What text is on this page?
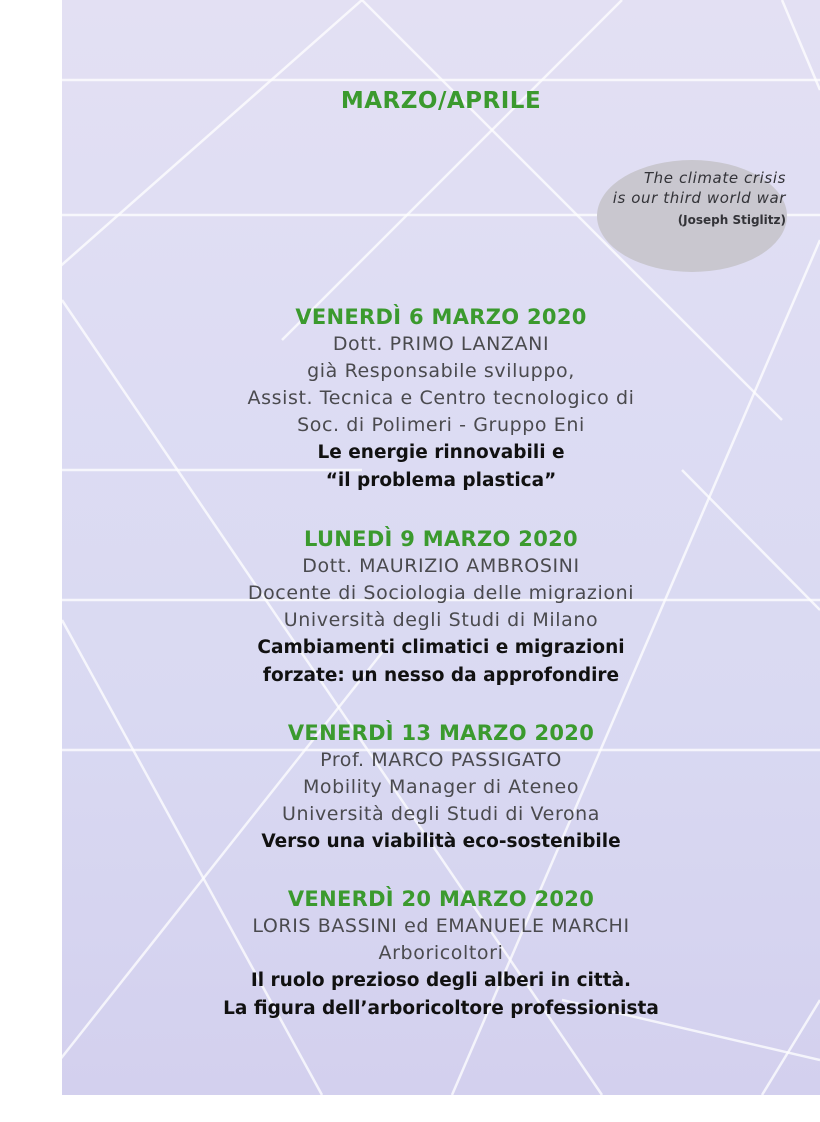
MARZO/APRILE
The climate crisis
is our third world war
(Joseph Stiglitz)
VENERDÌ 6 MARZO 2020
Dott. PRIMO LANZANI
già Responsabile sviluppo,
Assist. Tecnica e Centro tecnologico di
Soc. di Polimeri - Gruppo Eni
Le energie rinnovabili e
“il problema plastica”
LUNEDÌ 9 MARZO 2020
Dott. MAURIZIO AMBROSINI
Docente di Sociologia delle migrazioni
Università degli Studi di Milano
Cambiamenti climatici e migrazioni
forzate: un nesso da approfondire
VENERDÌ 13 MARZO 2020
Prof. MARCO PASSIGATO
Mobility Manager di Ateneo
Università degli Studi di Verona
Verso una viabilità eco-sostenibile
VENERDÌ 20 MARZO 2020
LORIS BASSINI ed EMANUELE MARCHI
Arboricoltori
Il ruolo prezioso degli alberi in città.
La figura dell’arboricoltore professionista
